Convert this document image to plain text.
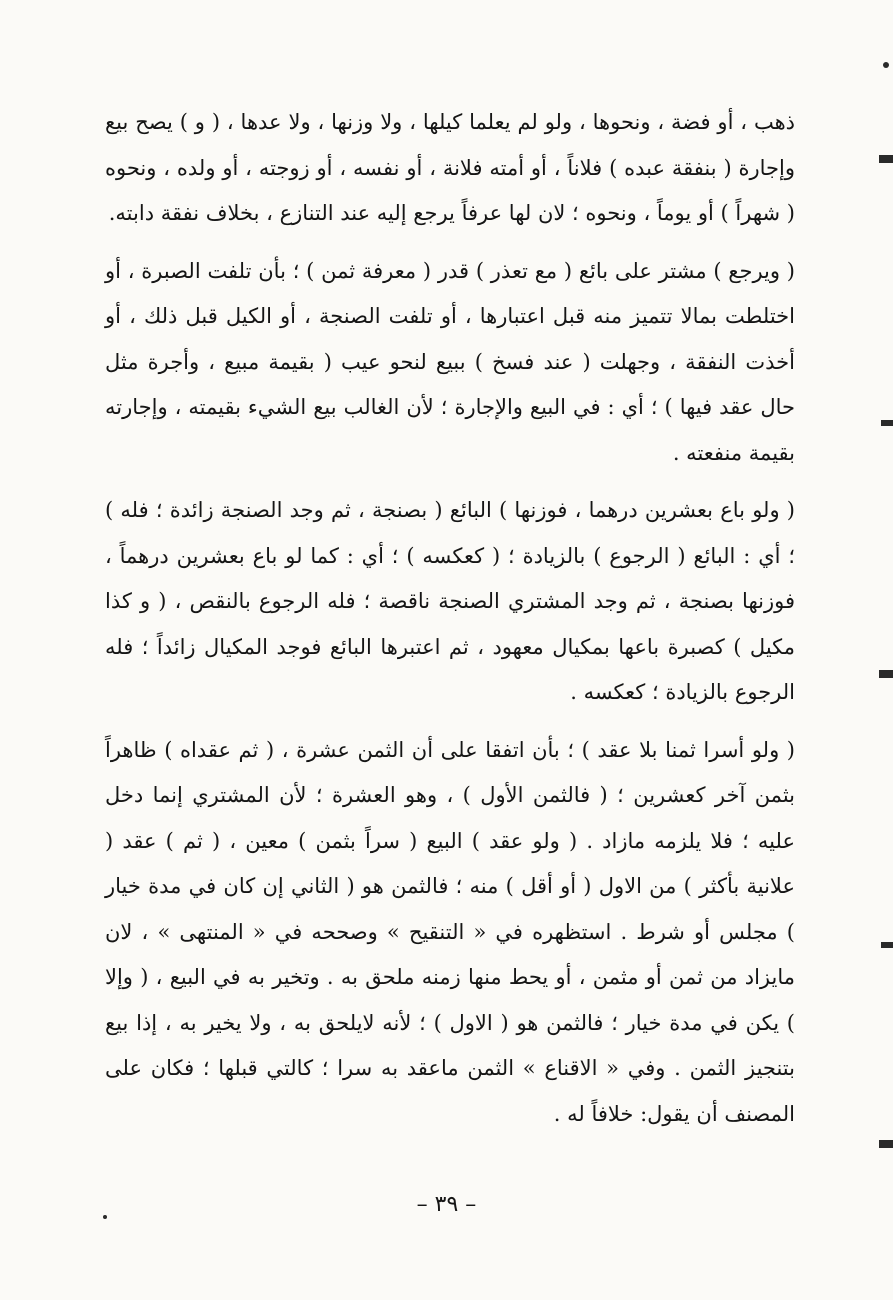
ذهب ، أو فضة ، ونحوها ، ولو لم يعلما كيلها ، ولا وزنها ، ولا عدها ، ( و ) يصح بيع وإجارة ( بنفقة عبده ) فلاناً ، أو أمته فلانة ، أو نفسه ، أو زوجته ، أو ولده ، ونحوه ( شهراً ) أو يوماً ، ونحوه ؛ لان لها عرفاً يرجع إليه عند التنازع ، بخلاف نفقة دابته.

( ويرجع ) مشتر على بائع ( مع تعذر ) قدر ( معرفة ثمن ) ؛ بأن تلفت الصبرة ، أو اختلطت بمالا تتميز منه قبل اعتبارها ، أو تلفت الصنجة ، أو الكيل قبل ذلك ، أو أخذت النفقة ، وجهلت ( عند فسخ ) ببيع لنحو عيب ( بقيمة مبيع ، وأجرة مثل حال عقد فيها ) ؛ أي : في البيع والإجارة ؛ لأن الغالب بيع الشيء بقيمته ، وإجارته بقيمة منفعته .

( ولو باع بعشرين درهما ، فوزنها ) البائع ( بصنجة ، ثم وجد الصنجة زائدة ؛ فله ) ؛ أي : البائع ( الرجوع ) بالزيادة ؛ ( كعكسه ) ؛ أي : كما لو باع بعشرين درهماً ، فوزنها بصنجة ، ثم وجد المشتري الصنجة ناقصة ؛ فله الرجوع بالنقص ، ( و كذا مكيل ) كصبرة باعها بمكيال معهود ، ثم اعتبرها البائع فوجد المكيال زائداً ؛ فله الرجوع بالزيادة ؛ كعكسه .

( ولو أسرا ثمنا بلا عقد ) ؛ بأن اتفقا على أن الثمن عشرة ، ( ثم عقداه ) ظاهراً بثمن آخر كعشرين ؛ ( فالثمن الأول ) ، وهو العشرة ؛ لأن المشتري إنما دخل عليه ؛ فلا يلزمه مازاد . ( ولو عقد ) البيع ( سراً بثمن ) معين ، ( ثم ) عقد ( علانية بأكثر ) من الاول ( أو أقل ) منه ؛ فالثمن هو ( الثاني إن كان في مدة خيار ) مجلس أو شرط . استظهره في « التنقيح » وصححه في « المنتهى » ، لان مايزاد من ثمن أو مثمن ، أو يحط منها زمنه ملحق به . وتخير به في البيع ، ( وإلا ) يكن في مدة خيار ؛ فالثمن هو ( الاول ) ؛ لأنه لايلحق به ، ولا يخير به ، إذا بيع بتنجيز الثمن . وفي « الاقناع » الثمن ماعقد به سرا ؛ كالتي قبلها ؛ فكان على المصنف أن يقول: خلافاً له .

– ٣٩ –
